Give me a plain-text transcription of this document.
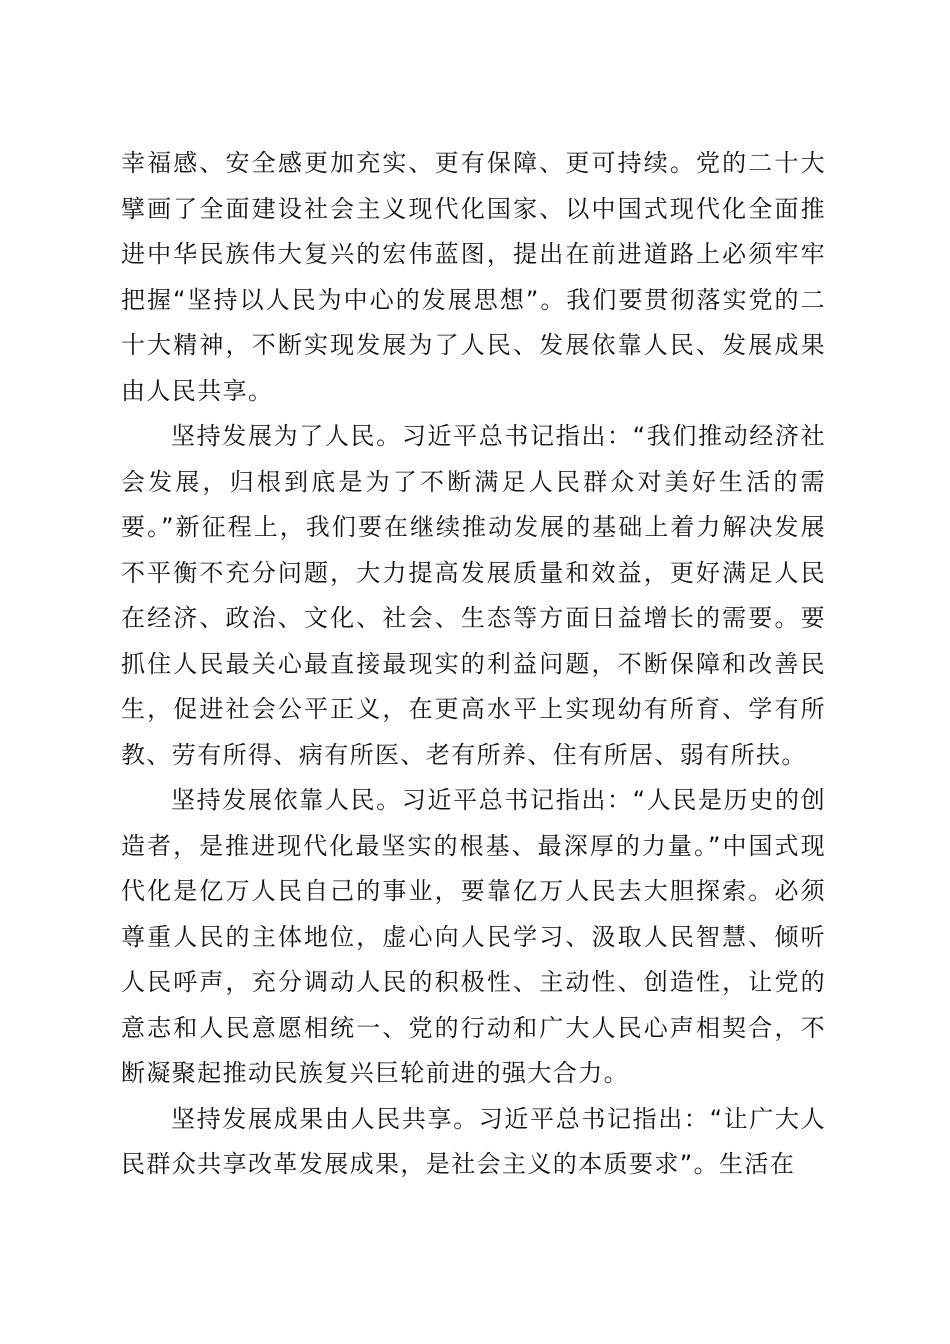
幸福感、安全感更加充实、更有保障、更可持续。党的二十大擘画了全面建设社会主义现代化国家、以中国式现代化全面推进中华民族伟大复兴的宏伟蓝图，提出在前进道路上必须牢牢把握“坚持以人民为中心的发展思想”。我们要贯彻落实党的二十大精神，不断实现发展为了人民、发展依靠人民、发展成果由人民共享。

坚持发展为了人民。习近平总书记指出：“我们推动经济社会发展，归根到底是为了不断满足人民群众对美好生活的需要。”新征程上，我们要在继续推动发展的基础上着力解决发展不平衡不充分问题，大力提高发展质量和效益，更好满足人民在经济、政治、文化、社会、生态等方面日益增长的需要。要抓住人民最关心最直接最现实的利益问题，不断保障和改善民生，促进社会公平正义，在更高水平上实现幼有所育、学有所教、劳有所得、病有所医、老有所养、住有所居、弱有所扶。

坚持发展依靠人民。习近平总书记指出：“人民是历史的创造者，是推进现代化最坚实的根基、最深厚的力量。”中国式现代化是亿万人民自己的事业，要靠亿万人民去大胆探索。必须尊重人民的主体地位，虚心向人民学习、汲取人民智慧、倾听人民呼声，充分调动人民的积极性、主动性、创造性，让党的意志和人民意愿相统一、党的行动和广大人民心声相契合，不断凝聚起推动民族复兴巨轮前进的强大合力。

坚持发展成果由人民共享。习近平总书记指出：“让广大人民群众共享改革发展成果，是社会主义的本质要求”。生活在
